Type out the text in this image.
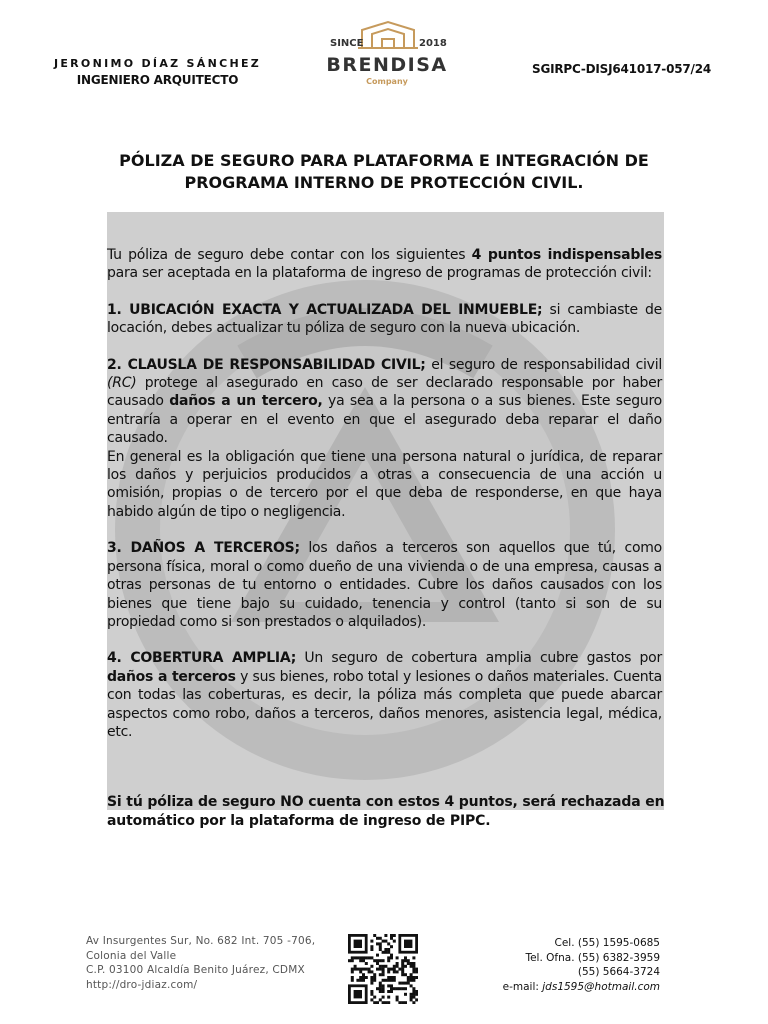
JERONIMO DÍAZ SÁNCHEZ
INGENIERO ARQUITECTO
SINCE	2018
BRENDISA
Company
SGIRPC-DISJ641017-057/24
PÓLIZA DE SEGURO PARA PLATAFORMA E INTEGRACIÓN DE
PROGRAMA INTERNO DE PROTECCIÓN CIVIL.

Tu póliza de seguro debe contar con los siguientes 4 puntos indispensables para ser aceptada en la plataforma de ingreso de programas de protección civil:

1. UBICACIÓN EXACTA Y ACTUALIZADA DEL INMUEBLE; si cambiaste de locación, debes actualizar tu póliza de seguro con la nueva ubicación.

2. CLAUSLA DE RESPONSABILIDAD CIVIL; el seguro de responsabilidad civil (RC) protege al asegurado en caso de ser declarado responsable por haber causado daños a un tercero, ya sea a la persona o a sus bienes. Este seguro entraría a operar en el evento en que el asegurado deba reparar el daño causado.

En general es la obligación que tiene una persona natural o jurídica, de reparar los daños y perjuicios producidos a otras a consecuencia de una acción u omisión, propias o de tercero por el que deba de responderse, en que haya habido algún de tipo o negligencia.

3. DAÑOS A TERCEROS; los daños a terceros son aquellos que tú, como persona física, moral o como dueño de una vivienda o de una empresa, causas a otras personas de tu entorno o entidades. Cubre los daños causados con los bienes que tiene bajo su cuidado, tenencia y control (tanto si son de su propiedad como si son prestados o alquilados).

4. COBERTURA AMPLIA; Un seguro de cobertura amplia cubre gastos por daños a terceros y sus bienes, robo total y lesiones o daños materiales. Cuenta con todas las coberturas, es decir, la póliza más completa que puede abarcar aspectos como robo, daños a terceros, daños menores, asistencia legal, médica, etc.

Si tú póliza de seguro NO cuenta con estos 4 puntos, será rechazada en
automático por la plataforma de ingreso de PIPC.
Av Insurgentes Sur, No. 682 Int. 705 -706,
Colonia del Valle
C.P. 03100 Alcaldía Benito Juárez, CDMX
http://dro-jdiaz.com/
Cel. (55) 1595-0685
Tel. Ofna. (55) 6382-3959
(55) 5664-3724
e-mail: jds1595@hotmail.com
